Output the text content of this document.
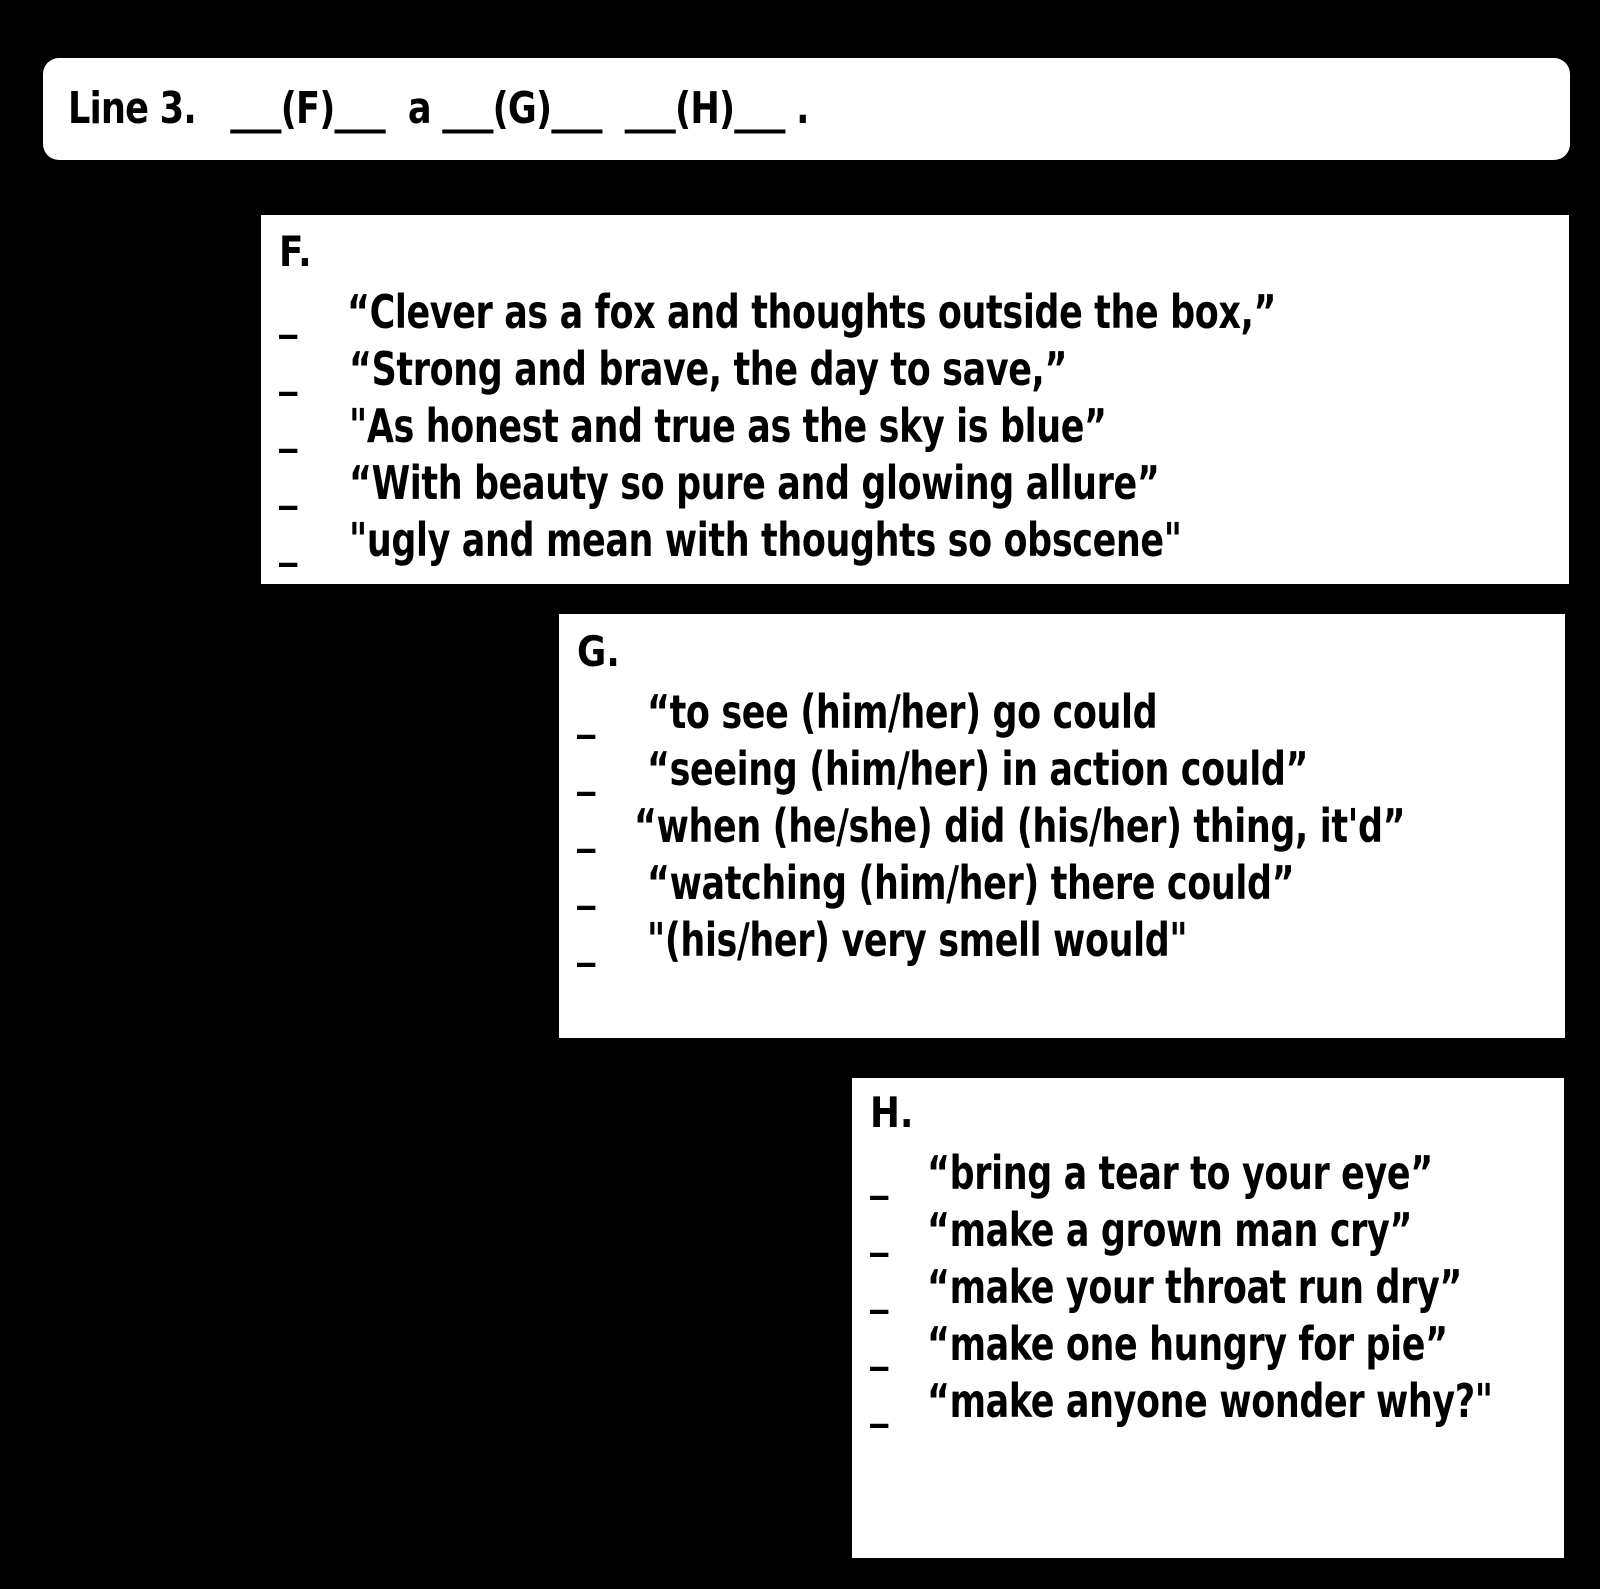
Line 3.   ___(F)___  a ___(G)___  ___(H)___ .
F.
_ “Clever as a fox and thoughts outside the box,”
_ “Strong and brave, the day to save,”
_ "As honest and true as the sky is blue”
_ “With beauty so pure and glowing allure”
_ "ugly and mean with thoughts so obscene"
G.
_ “to see (him/her) go could
_ “seeing (him/her) in action could”
_ “when (he/she) did (his/her) thing, it'd”
_ “watching (him/her) there could”
_ "(his/her) very smell would"
H.
_ “bring a tear to your eye”
_ “make a grown man cry”
_ “make your throat run dry”
_ “make one hungry for pie”
_ “make anyone wonder why?"
